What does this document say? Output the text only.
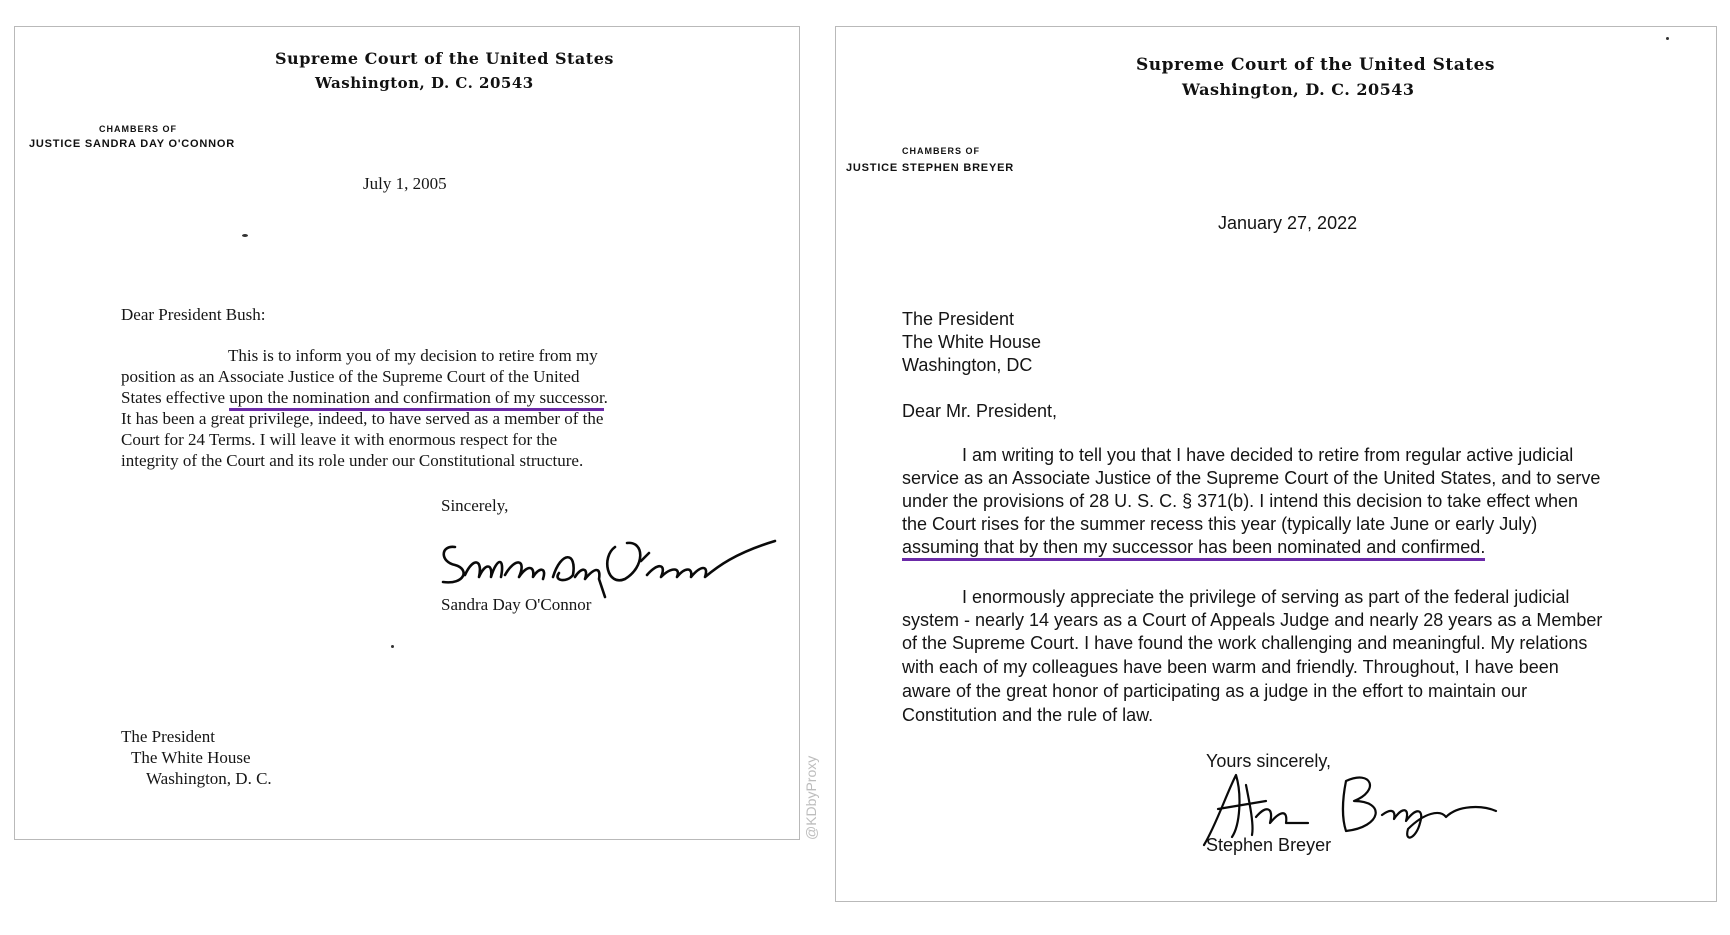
Supreme Court of the United States
Washington, D. C. 20543
CHAMBERS OF
JUSTICE SANDRA DAY O'CONNOR
July 1, 2005
Dear President Bush:
This is to inform you of my decision to retire from my
position as an Associate Justice of the Supreme Court of the United
States effective upon the nomination and confirmation of my successor.
It has been a great privilege, indeed, to have served as a member of the
Court for 24 Terms. I will leave it with enormous respect for the
integrity of the Court and its role under our Constitutional structure.
Sincerely,
Sandra Day O'Connor
The President
The White House
Washington, D. C.	@KDbyProxy
Supreme Court of the United States
Washington, D. C. 20543
CHAMBERS OF
JUSTICE STEPHEN BREYER
January 27, 2022
The President
The White House
Washington, DC
Dear Mr. President,
I am writing to tell you that I have decided to retire from regular active judicial
service as an Associate Justice of the Supreme Court of the United States, and to serve
under the provisions of 28 U. S. C. § 371(b). I intend this decision to take effect when
the Court rises for the summer recess this year (typically late June or early July)
assuming that by then my successor has been nominated and confirmed.
I enormously appreciate the privilege of serving as part of the federal judicial
system - nearly 14 years as a Court of Appeals Judge and nearly 28 years as a Member
of the Supreme Court. I have found the work challenging and meaningful. My relations
with each of my colleagues have been warm and friendly. Throughout, I have been
aware of the great honor of participating as a judge in the effort to maintain our
Constitution and the rule of law.
Yours sincerely,
Stephen Breyer
